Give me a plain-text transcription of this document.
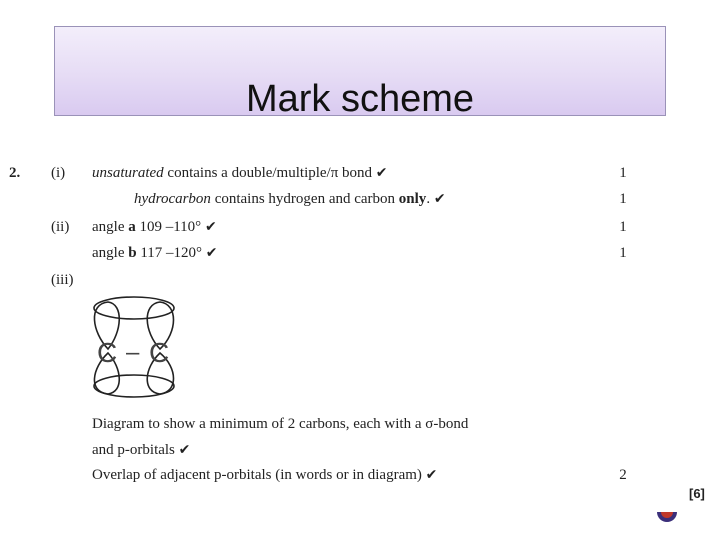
Mark scheme
2. (i) unsaturated contains a double/multiple/π bond ✔	1
hydrocarbon contains hydrogen and carbon only. ✔	1
(ii) angle a 109 –110° ✔	1
angle b 117 –120° ✔	1
(iii)
C – C
Diagram to show a minimum of 2 carbons, each with a σ-bond
and p-orbitals ✔
Overlap of adjacent p-orbitals (in words or in diagram) ✔	2
[6]
